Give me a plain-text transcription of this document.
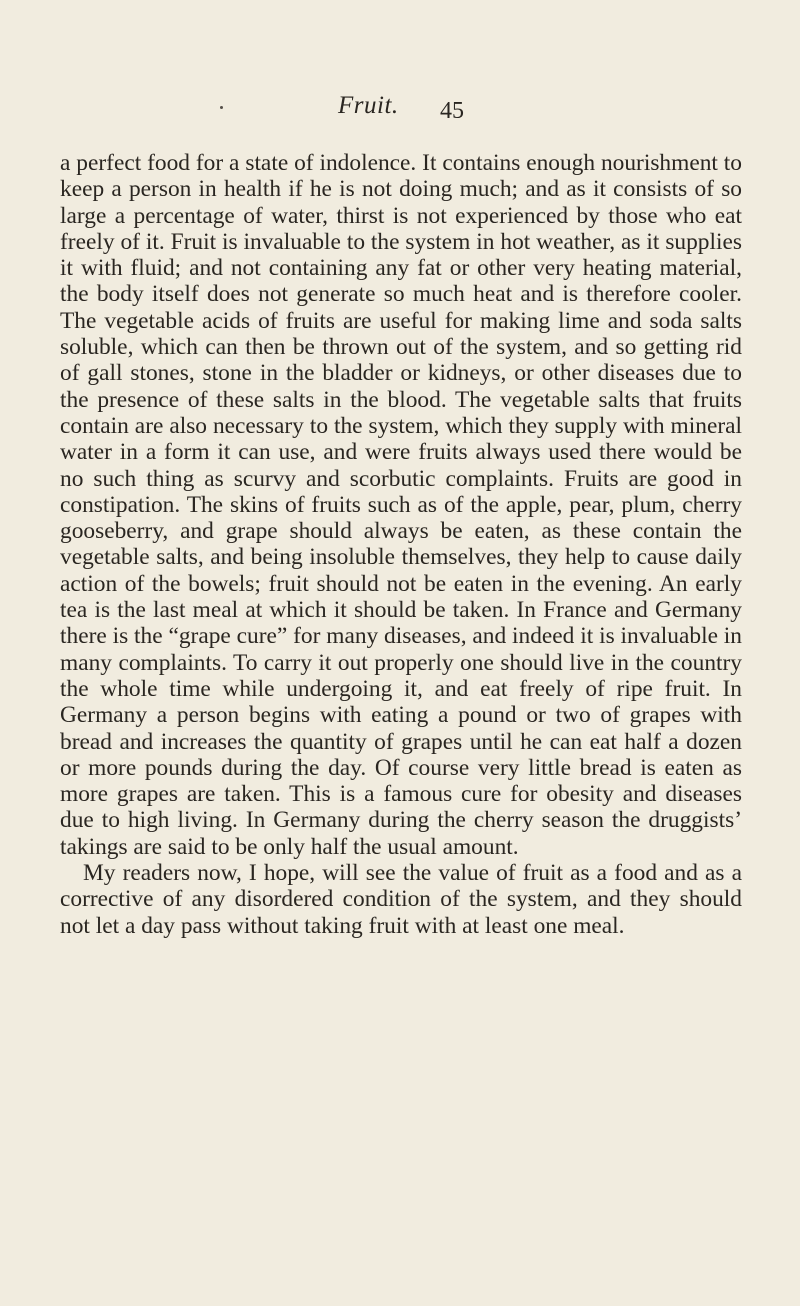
Fruit. 45

a perfect food for a state of indolence. It contains enough nourishment to keep a person in health if he is not doing much; and as it consists of so large a percentage of water, thirst is not experienced by those who eat freely of it. Fruit is invaluable to the system in hot weather, as it supplies it with fluid; and not containing any fat or other very heating material, the body itself does not generate so much heat and is therefore cooler. The vegetable acids of fruits are useful for making lime and soda salts soluble, which can then be thrown out of the system, and so getting rid of gall stones, stone in the bladder or kidneys, or other diseases due to the presence of these salts in the blood. The vegetable salts that fruits contain are also necessary to the system, which they supply with mineral water in a form it can use, and were fruits always used there would be no such thing as scurvy and scorbutic complaints. Fruits are good in constipation. The skins of fruits such as of the apple, pear, plum, cherry gooseberry, and grape should always be eaten, as these contain the vegetable salts, and being insoluble themselves, they help to cause daily action of the bowels; fruit should not be eaten in the evening. An early tea is the last meal at which it should be taken. In France and Germany there is the “grape cure” for many diseases, and indeed it is invaluable in many complaints. To carry it out properly one should live in the country the whole time while undergoing it, and eat freely of ripe fruit. In Germany a person begins with eating a pound or two of grapes with bread and increases the quantity of grapes until he can eat half a dozen or more pounds during the day. Of course very little bread is eaten as more grapes are taken. This is a famous cure for obesity and diseases due to high living. In Germany during the cherry season the druggists’ takings are said to be only half the usual amount.

My readers now, I hope, will see the value of fruit as a food and as a corrective of any disordered condition of the system, and they should not let a day pass without taking fruit with at least one meal.
